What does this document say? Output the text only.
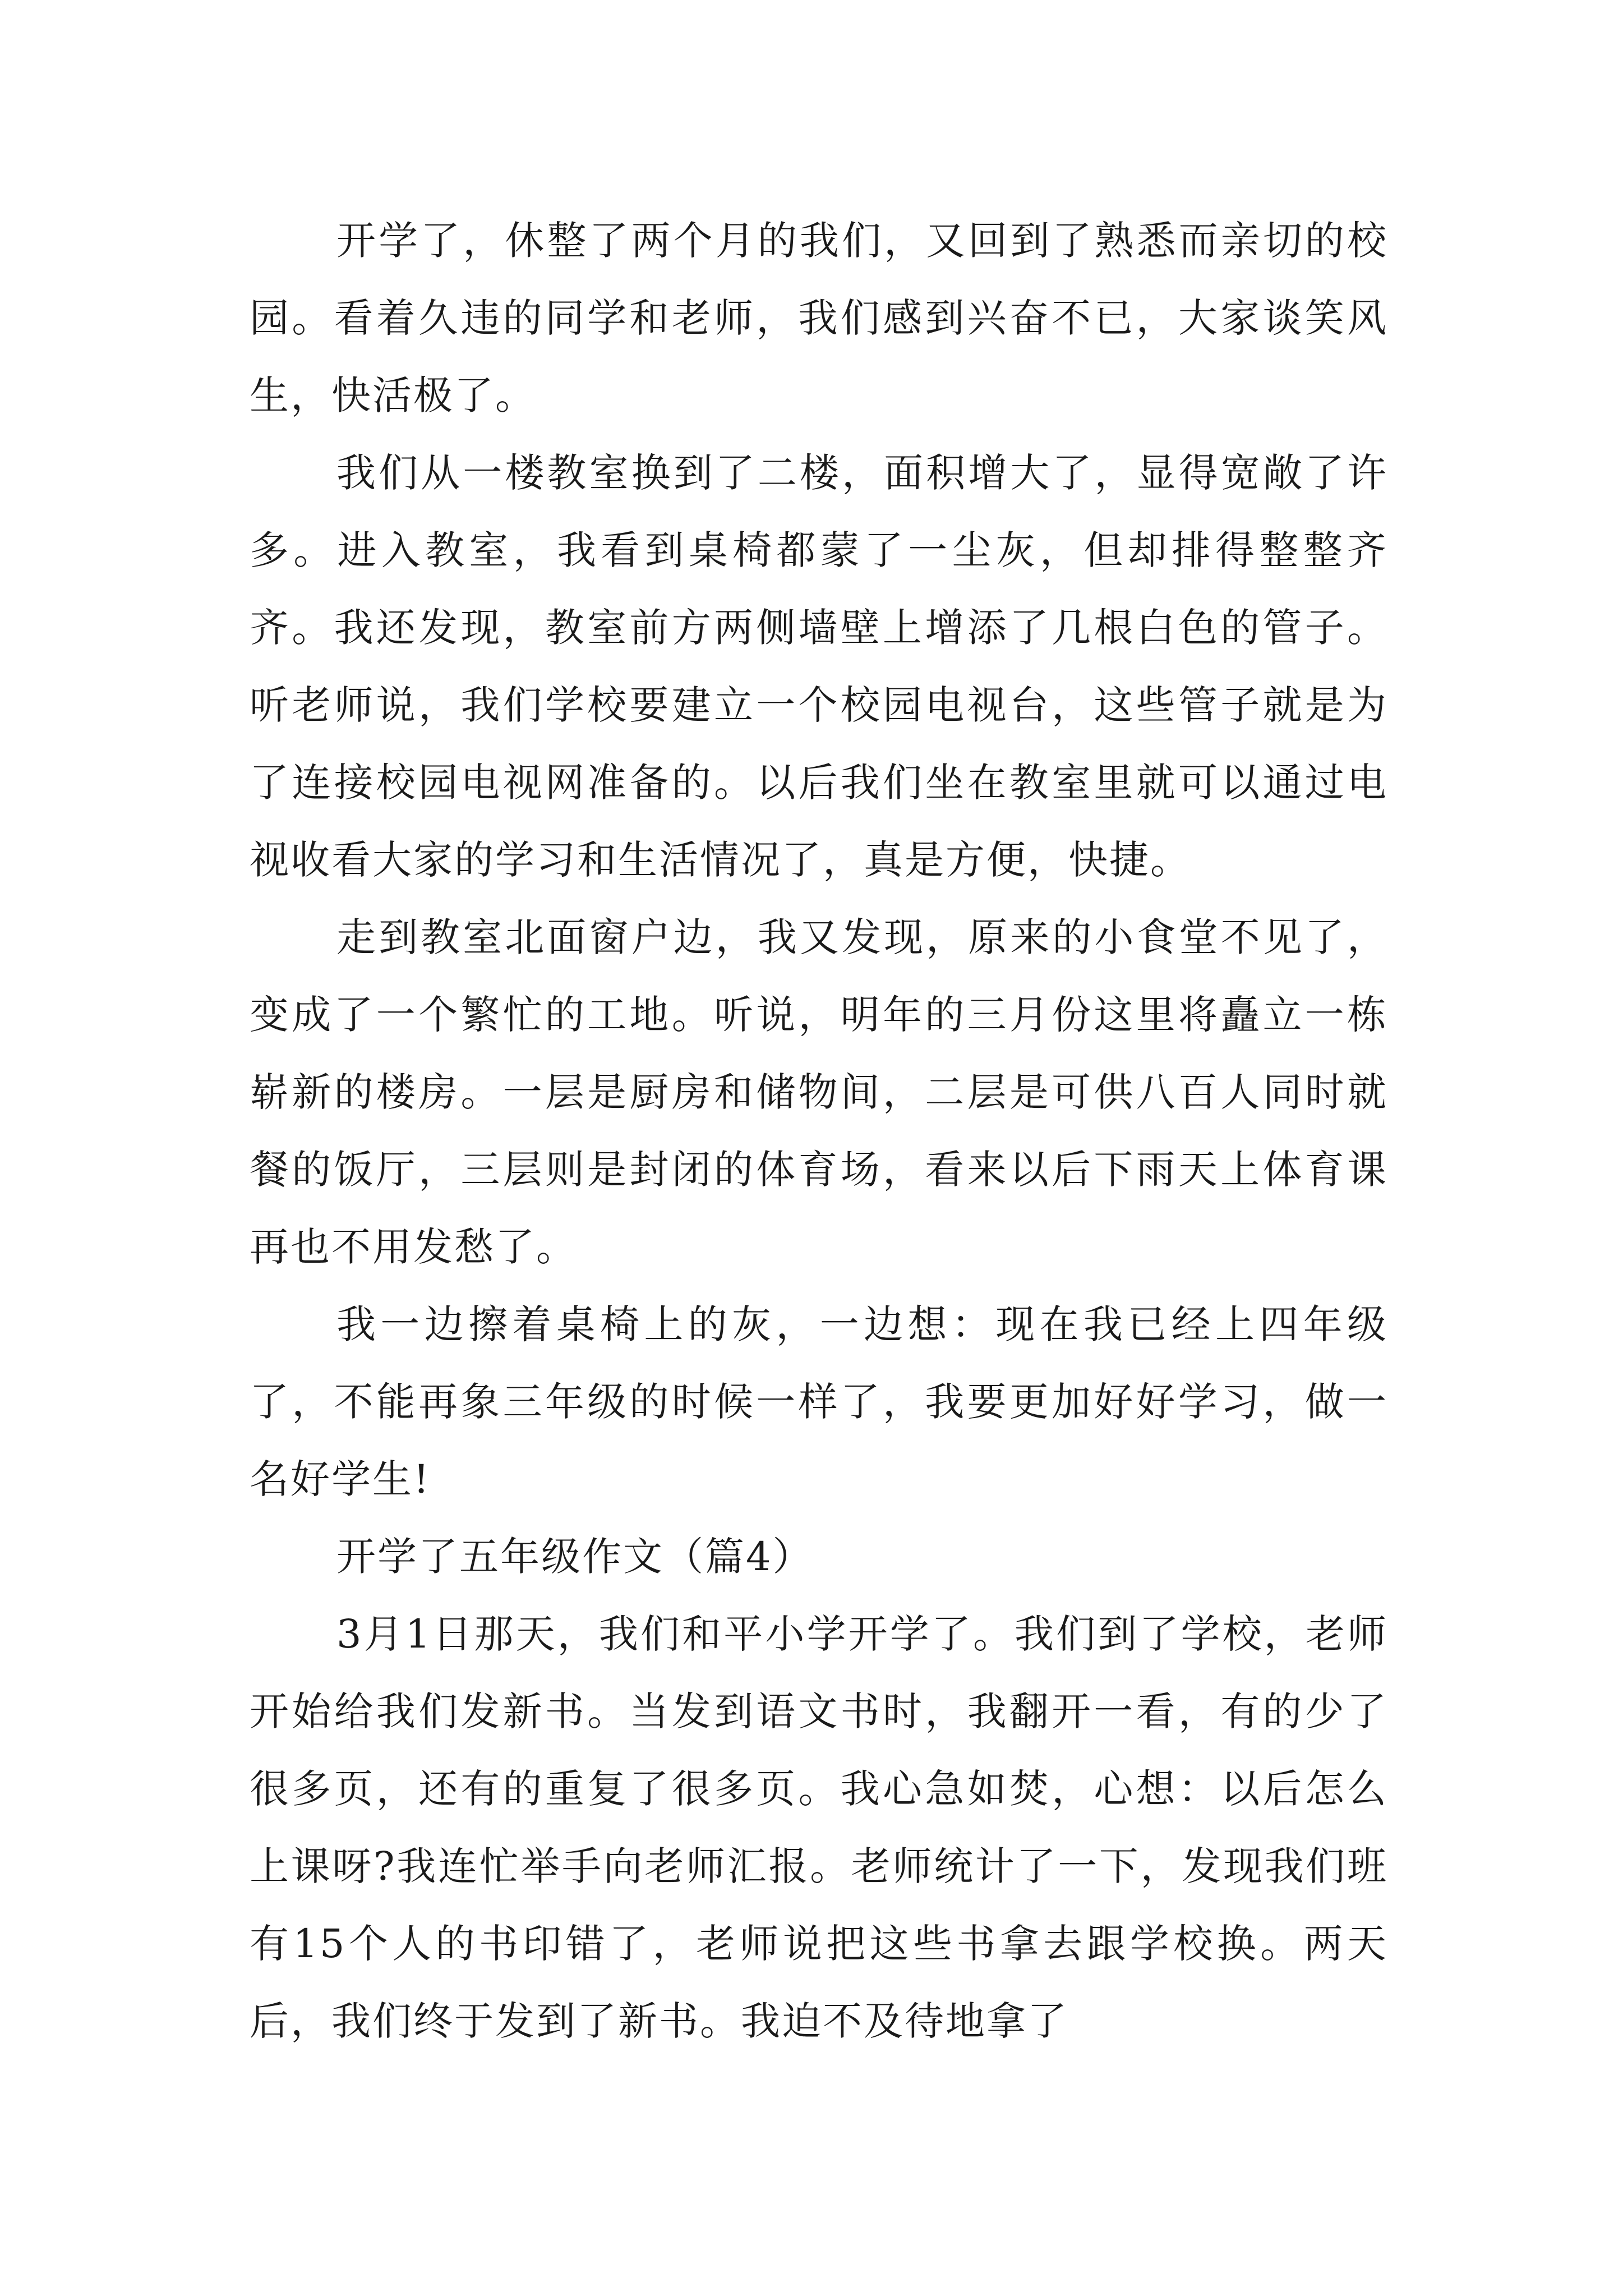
开学了，休整了两个月的我们，又回到了熟悉而亲切的校园。看着久违的同学和老师，我们感到兴奋不已，大家谈笑风生，快活极了。

我们从一楼教室换到了二楼，面积增大了，显得宽敞了许多。进入教室，我看到桌椅都蒙了一尘灰，但却排得整整齐齐。我还发现，教室前方两侧墙壁上增添了几根白色的管子。听老师说，我们学校要建立一个校园电视台，这些管子就是为了连接校园电视网准备的。以后我们坐在教室里就可以通过电视收看大家的学习和生活情况了，真是方便，快捷。

走到教室北面窗户边，我又发现，原来的小食堂不见了，变成了一个繁忙的工地。听说，明年的三月份这里将矗立一栋崭新的楼房。一层是厨房和储物间，二层是可供八百人同时就餐的饭厅，三层则是封闭的体育场，看来以后下雨天上体育课再也不用发愁了。

我一边擦着桌椅上的灰，一边想：现在我已经上四年级了，不能再象三年级的时候一样了，我要更加好好学习，做一名好学生!

开学了五年级作文（篇4）

3月1日那天，我们和平小学开学了。我们到了学校，老师开始给我们发新书。当发到语文书时，我翻开一看，有的少了很多页，还有的重复了很多页。我心急如焚，心想：以后怎么上课呀?我连忙举手向老师汇报。老师统计了一下，发现我们班有15个人的书印错了，老师说把这些书拿去跟学校换。两天后，我们终于发到了新书。我迫不及待地拿了
